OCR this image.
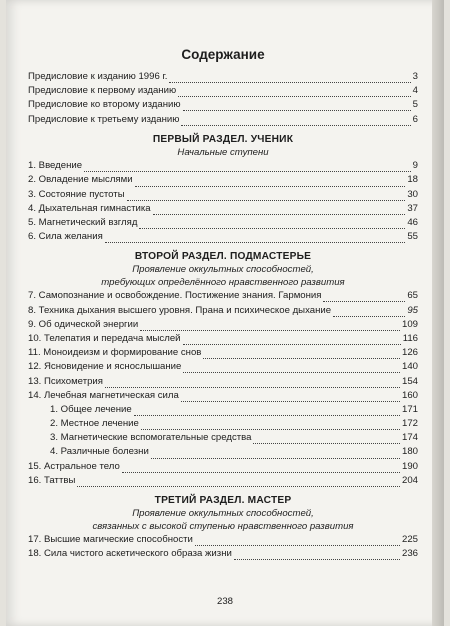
Содержание
Предисловие к изданию 1996 г.	3
Предисловие к первому изданию	4
Предисловие ко второму изданию	5
Предисловие к третьему изданию	6
ПЕРВЫЙ РАЗДЕЛ. УЧЕНИК
Начальные ступени
1. Введение	9
2. Овладение мыслями	18
3. Состояние пустоты	30
4. Дыхательная гимнастика	37
5. Магнетический взгляд	46
6. Сила желания	55
ВТОРОЙ РАЗДЕЛ. ПОДМАСТЕРЬЕ
Проявление оккультных способностей,
требующих определённого нравственного развития
7. Самопознание и освобождение. Постижение знания. Гармония	65
8. Техника дыхания высшего уровня. Прана и психическое дыхание	95
9. Об одической энергии	109
10. Телепатия и передача мыслей	116
11. Моноидеизм и формирование снов	126
12. Ясновидение и яснослышание	140
13. Психометрия	154
14. Лечебная магнетическая сила	160
1. Общее лечение	171
2. Местное лечение	172
3. Магнетические вспомогательные средства	174
4. Различные болезни	180
15. Астральное тело	190
16. Таттвы	204
ТРЕТИЙ РАЗДЕЛ. МАСТЕР
Проявление оккультных способностей,
связанных с высокой ступенью нравственного развития
17. Высшие магические способности	225
18. Сила чистого аскетического образа жизни	236
238
